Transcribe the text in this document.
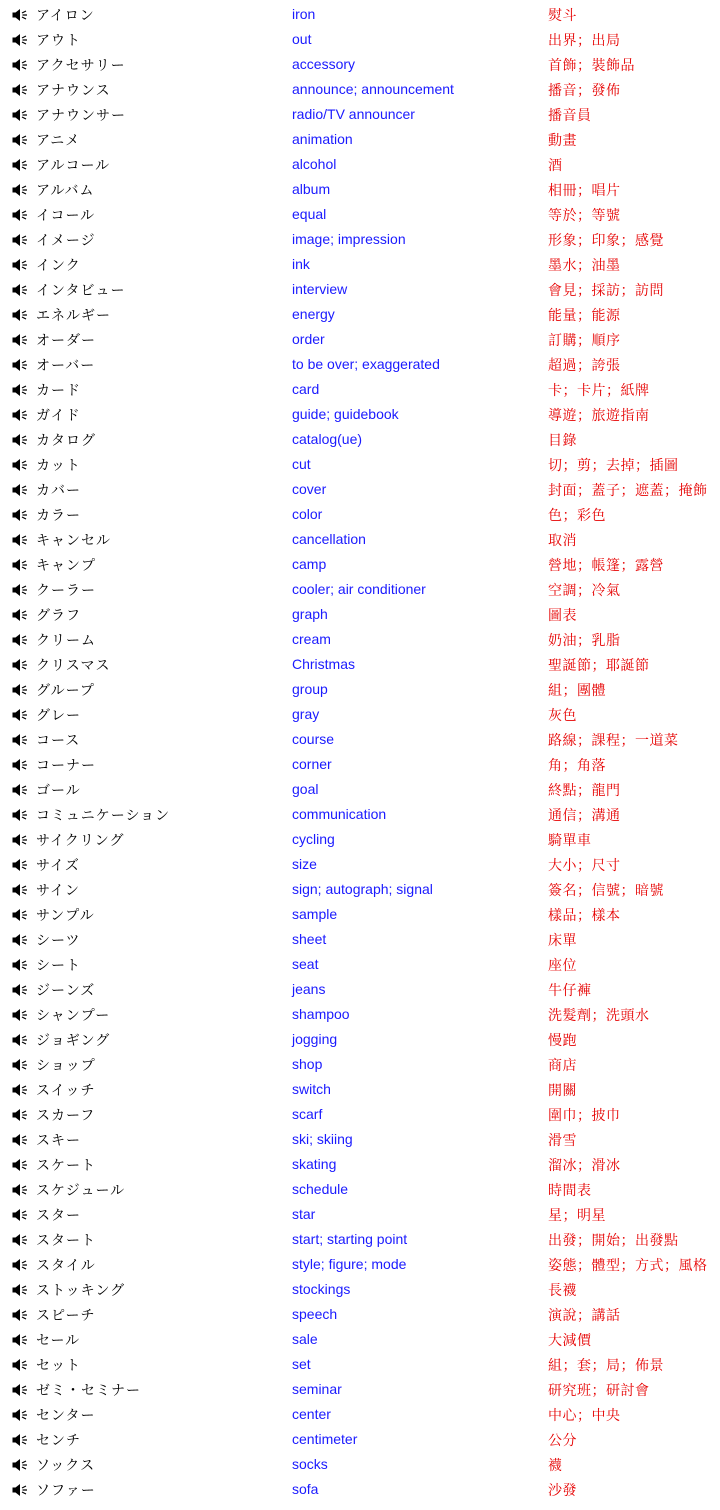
アイロン	iron	熨斗
アウト	out	出界；出局
アクセサリー	accessory	首飾；裝飾品
アナウンス	announce; announcement	播音；發佈
アナウンサー	radio/TV announcer	播音員
アニメ	animation	動畫
アルコール	alcohol	酒
アルバム	album	相冊；唱片
イコール	equal	等於；等號
イメージ	image; impression	形象；印象；感覺
インク	ink	墨水；油墨
インタビュー	interview	會見；採訪；訪問
エネルギー	energy	能量；能源
オーダー	order	訂購；順序
オーバー	to be over; exaggerated	超過；誇張
カード	card	卡；卡片；紙牌
ガイド	guide; guidebook	導遊；旅遊指南
カタログ	catalog(ue)	目錄
カット	cut	切；剪；去掉；插圖
カバー	cover	封面；蓋子；遮蓋；掩飾
カラー	color	色；彩色
キャンセル	cancellation	取消
キャンプ	camp	營地；帳篷；露營
クーラー	cooler; air conditioner	空調；冷氣
グラフ	graph	圖表
クリーム	cream	奶油；乳脂
クリスマス	Christmas	聖誕節；耶誕節
グループ	group	組；團體
グレー	gray	灰色
コース	course	路線；課程；一道菜
コーナー	corner	角；角落
ゴール	goal	終點；龍門
コミュニケーション	communication	通信；溝通
サイクリング	cycling	騎單車
サイズ	size	大小；尺寸
サイン	sign; autograph; signal	簽名；信號；暗號
サンプル	sample	樣品；樣本
シーツ	sheet	床單
シート	seat	座位
ジーンズ	jeans	牛仔褲
シャンプー	shampoo	洗髮劑；洗頭水
ジョギング	jogging	慢跑
ショップ	shop	商店
スイッチ	switch	開關
スカーフ	scarf	圍巾；披巾
スキー	ski; skiing	滑雪
スケート	skating	溜冰；滑冰
スケジュール	schedule	時間表
スター	star	星；明星
スタート	start; starting point	出發；開始；出發點
スタイル	style; figure; mode	姿態；體型；方式；風格
ストッキング	stockings	長襪
スピーチ	speech	演說；講話
セール	sale	大減價
セット	set	組；套；局；佈景
ゼミ・セミナー	seminar	研究班；研討會
センター	center	中心；中央
センチ	centimeter	公分
ソックス	socks	襪
ソファー	sofa	沙發
